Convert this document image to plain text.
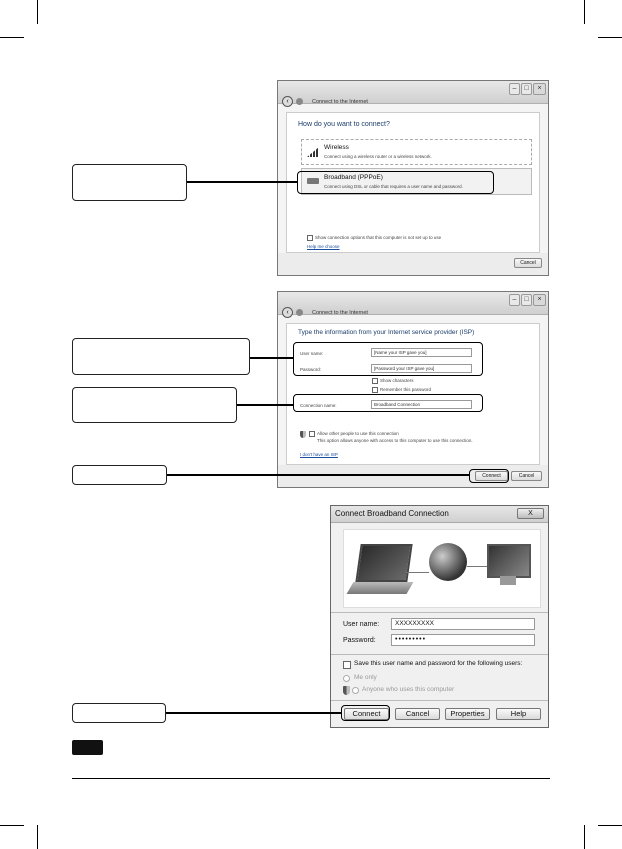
–	□	×
‹	Connect to the Internet
How do you want to connect?
Wireless
Connect using a wireless router or a wireless network.
Broadband (PPPoE)
Connect using DSL or cable that requires a user name and password.
Show connection options that this computer is not set up to use
Help me choose
Cancel
–	□	×
‹	Connect to the Internet
Type the information from your Internet service provider (ISP)
User name:	[Name your ISP gave you]
Password:	[Password your ISP gave you]
Show characters
Remember this password
Connection name:	Broadband Connection
Allow other people to use this connection
This option allows anyone with access to this computer to use this connection.
I don't have an ISP
Connect	Cancel
Connect Broadband Connection	X
User name:	XXXXXXXXX
Password:	•••••••••
Save this user name and password for the following users:
Me only
Anyone who uses this computer
Connect	Cancel	Properties	Help
